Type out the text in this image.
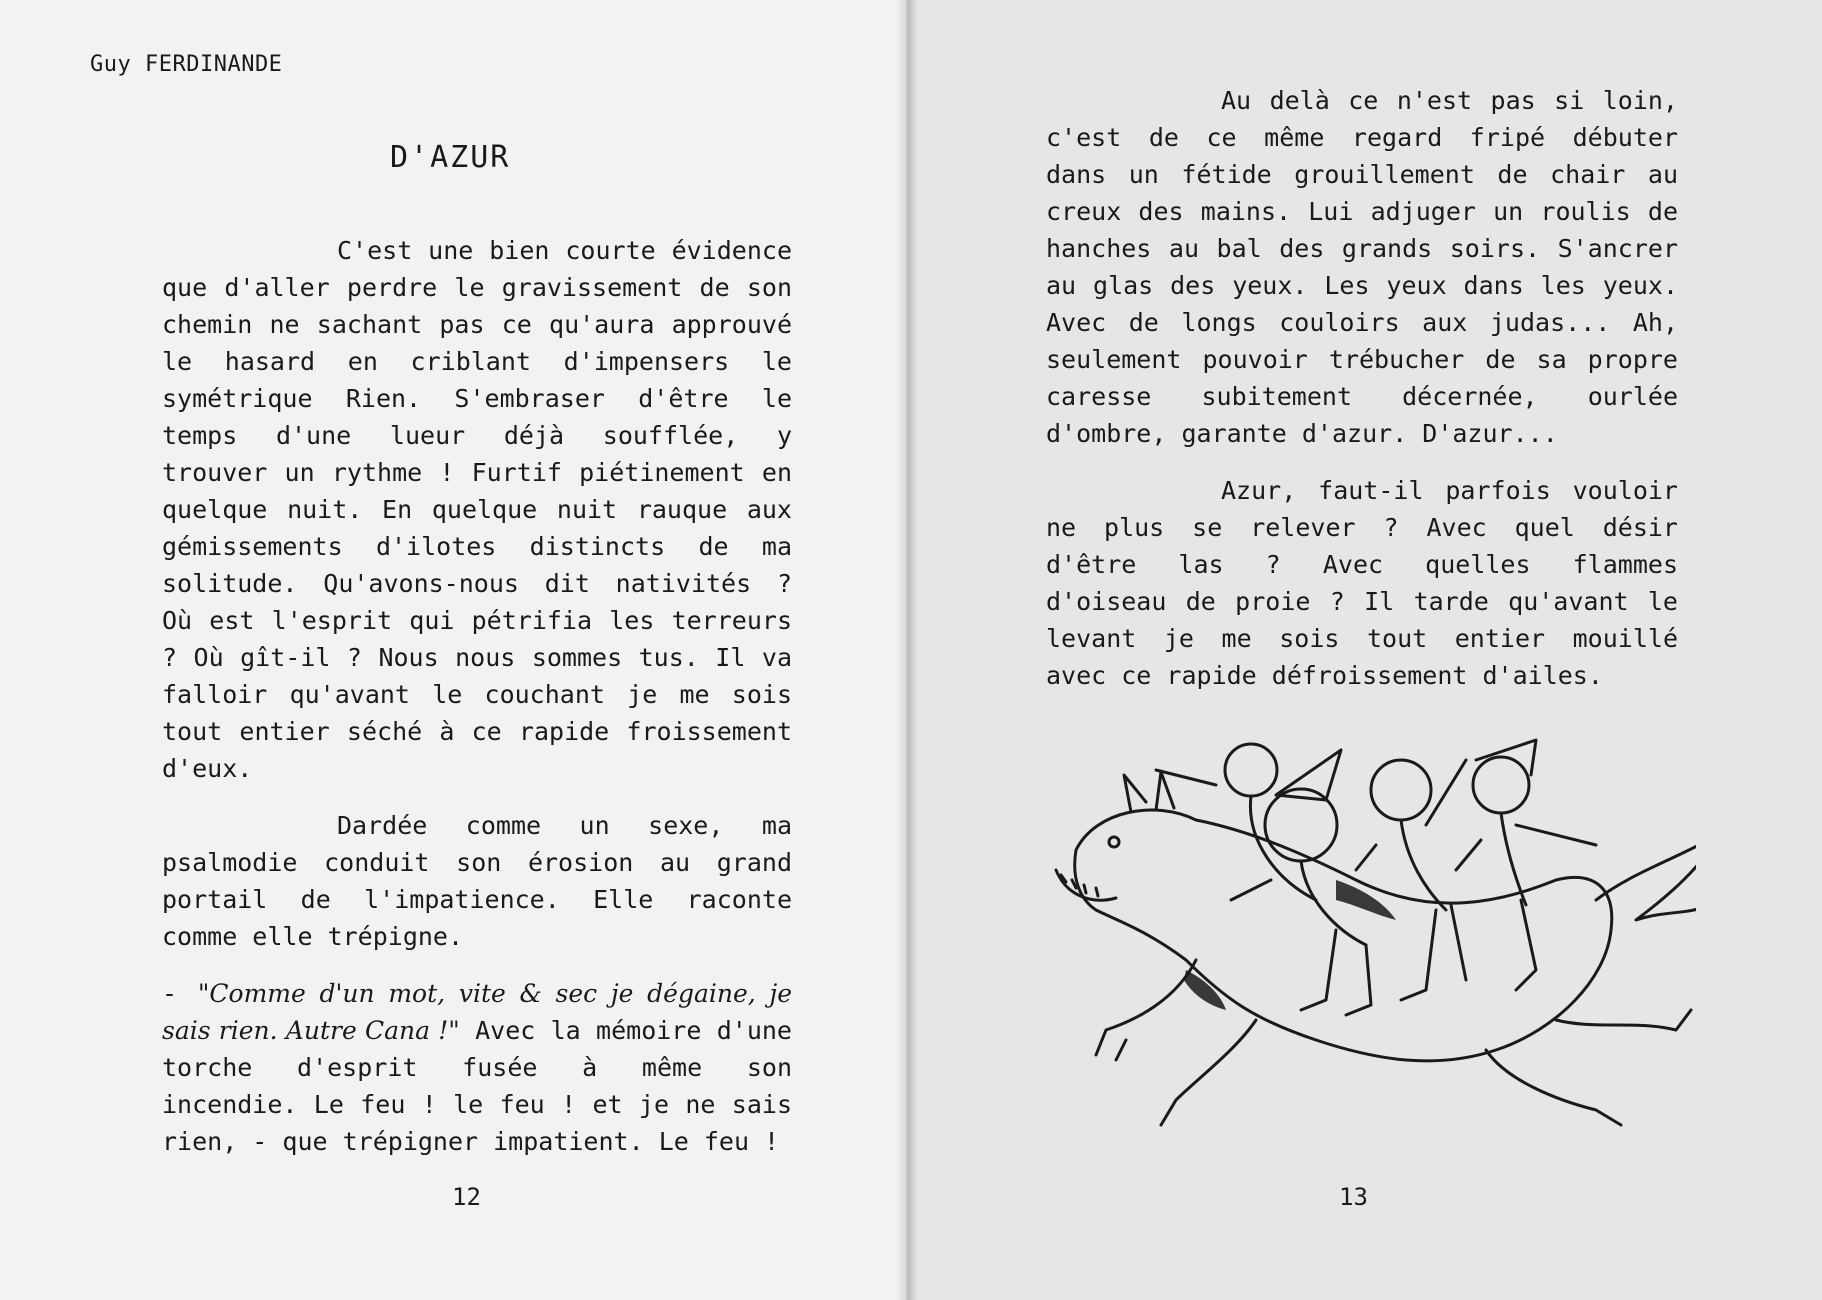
Guy FERDINANDE
D'AZUR

C'est une bien courte évidence que d'aller perdre le gravissement de son chemin ne sachant pas ce qu'aura approuvé le hasard en criblant d'impensers le symétrique Rien. S'embraser d'être le temps d'une lueur déjà soufflée, y trouver un rythme ! Furtif piétinement en quelque nuit. En quelque nuit rauque aux gémissements d'ilotes distincts de ma solitude. Qu'avons-nous dit nativités ? Où est l'esprit qui pétrifia les terreurs ? Où gît-il ? Nous nous sommes tus. Il va falloir qu'avant le couchant je me sois tout entier séché à ce rapide froissement d'eux.

Dardée comme un sexe, ma psalmodie conduit son érosion au grand portail de l'impatience. Elle raconte comme elle trépigne.

- "Comme d'un mot, vite & sec je dégaine, je sais rien. Autre Cana !" Avec la mémoire d'une torche d'esprit fusée à même son incendie. Le feu ! le feu ! et je ne sais rien, - que trépigner impatient. Le feu !

12

Au delà ce n'est pas si loin, c'est de ce même regard fripé débuter dans un fétide grouillement de chair au creux des mains. Lui adjuger un roulis de hanches au bal des grands soirs. S'ancrer au glas des yeux. Les yeux dans les yeux. Avec de longs couloirs aux judas... Ah, seulement pouvoir trébucher de sa propre caresse subitement décernée, ourlée d'ombre, garante d'azur. D'azur...

Azur, faut-il parfois vouloir ne plus se relever ? Avec quel désir d'être las ? Avec quelles flammes d'oiseau de proie ? Il tarde qu'avant le levant je me sois tout entier mouillé avec ce rapide défroissement d'ailes.

13
